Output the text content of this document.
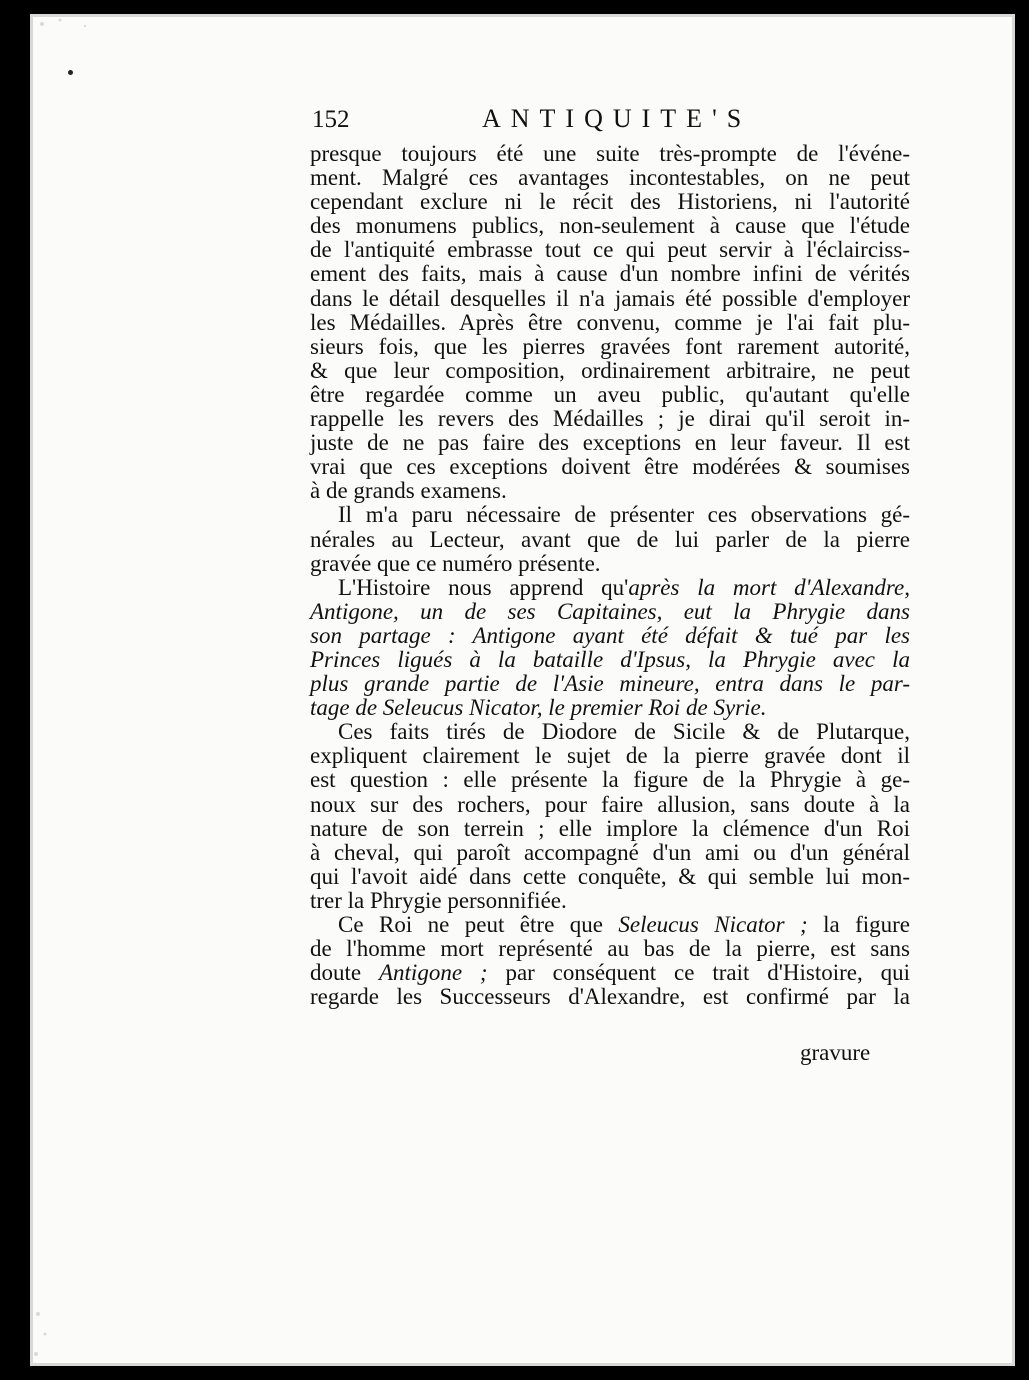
152	ANTIQUITE'S
presque toujours été une suite très-prompte de l'événe-
ment. Malgré ces avantages incontestables, on ne peut
cependant exclure ni le récit des Historiens, ni l'autorité
des monumens publics, non-seulement à cause que l'étude
de l'antiquité embrasse tout ce qui peut servir à l'éclairciss-
ement des faits, mais à cause d'un nombre infini de vérités
dans le détail desquelles il n'a jamais été possible d'employer
les Médailles. Après être convenu, comme je l'ai fait plu-
sieurs fois, que les pierres gravées font rarement autorité,
& que leur composition, ordinairement arbitraire, ne peut
être regardée comme un aveu public, qu'autant qu'elle
rappelle les revers des Médailles ; je dirai qu'il seroit in-
juste de ne pas faire des exceptions en leur faveur. Il est
vrai que ces exceptions doivent être modérées & soumises
à de grands examens.
Il m'a paru nécessaire de présenter ces observations gé-
nérales au Lecteur, avant que de lui parler de la pierre
gravée que ce numéro présente.
L'Histoire nous apprend qu'après la mort d'Alexandre,
Antigone, un de ses Capitaines, eut la Phrygie dans
son partage : Antigone ayant été défait & tué par les
Princes ligués à la bataille d'Ipsus, la Phrygie avec la
plus grande partie de l'Asie mineure, entra dans le par-
tage de Seleucus Nicator, le premier Roi de Syrie.
Ces faits tirés de Diodore de Sicile & de Plutarque,
expliquent clairement le sujet de la pierre gravée dont il
est question : elle présente la figure de la Phrygie à ge-
noux sur des rochers, pour faire allusion, sans doute à la
nature de son terrein ; elle implore la clémence d'un Roi
à cheval, qui paroît accompagné d'un ami ou d'un général
qui l'avoit aidé dans cette conquête, & qui semble lui mon-
trer la Phrygie personnifiée.
Ce Roi ne peut être que Seleucus Nicator ; la figure
de l'homme mort représenté au bas de la pierre, est sans
doute Antigone ; par conséquent ce trait d'Histoire, qui
regarde les Successeurs d'Alexandre, est confirmé par la
gravure
